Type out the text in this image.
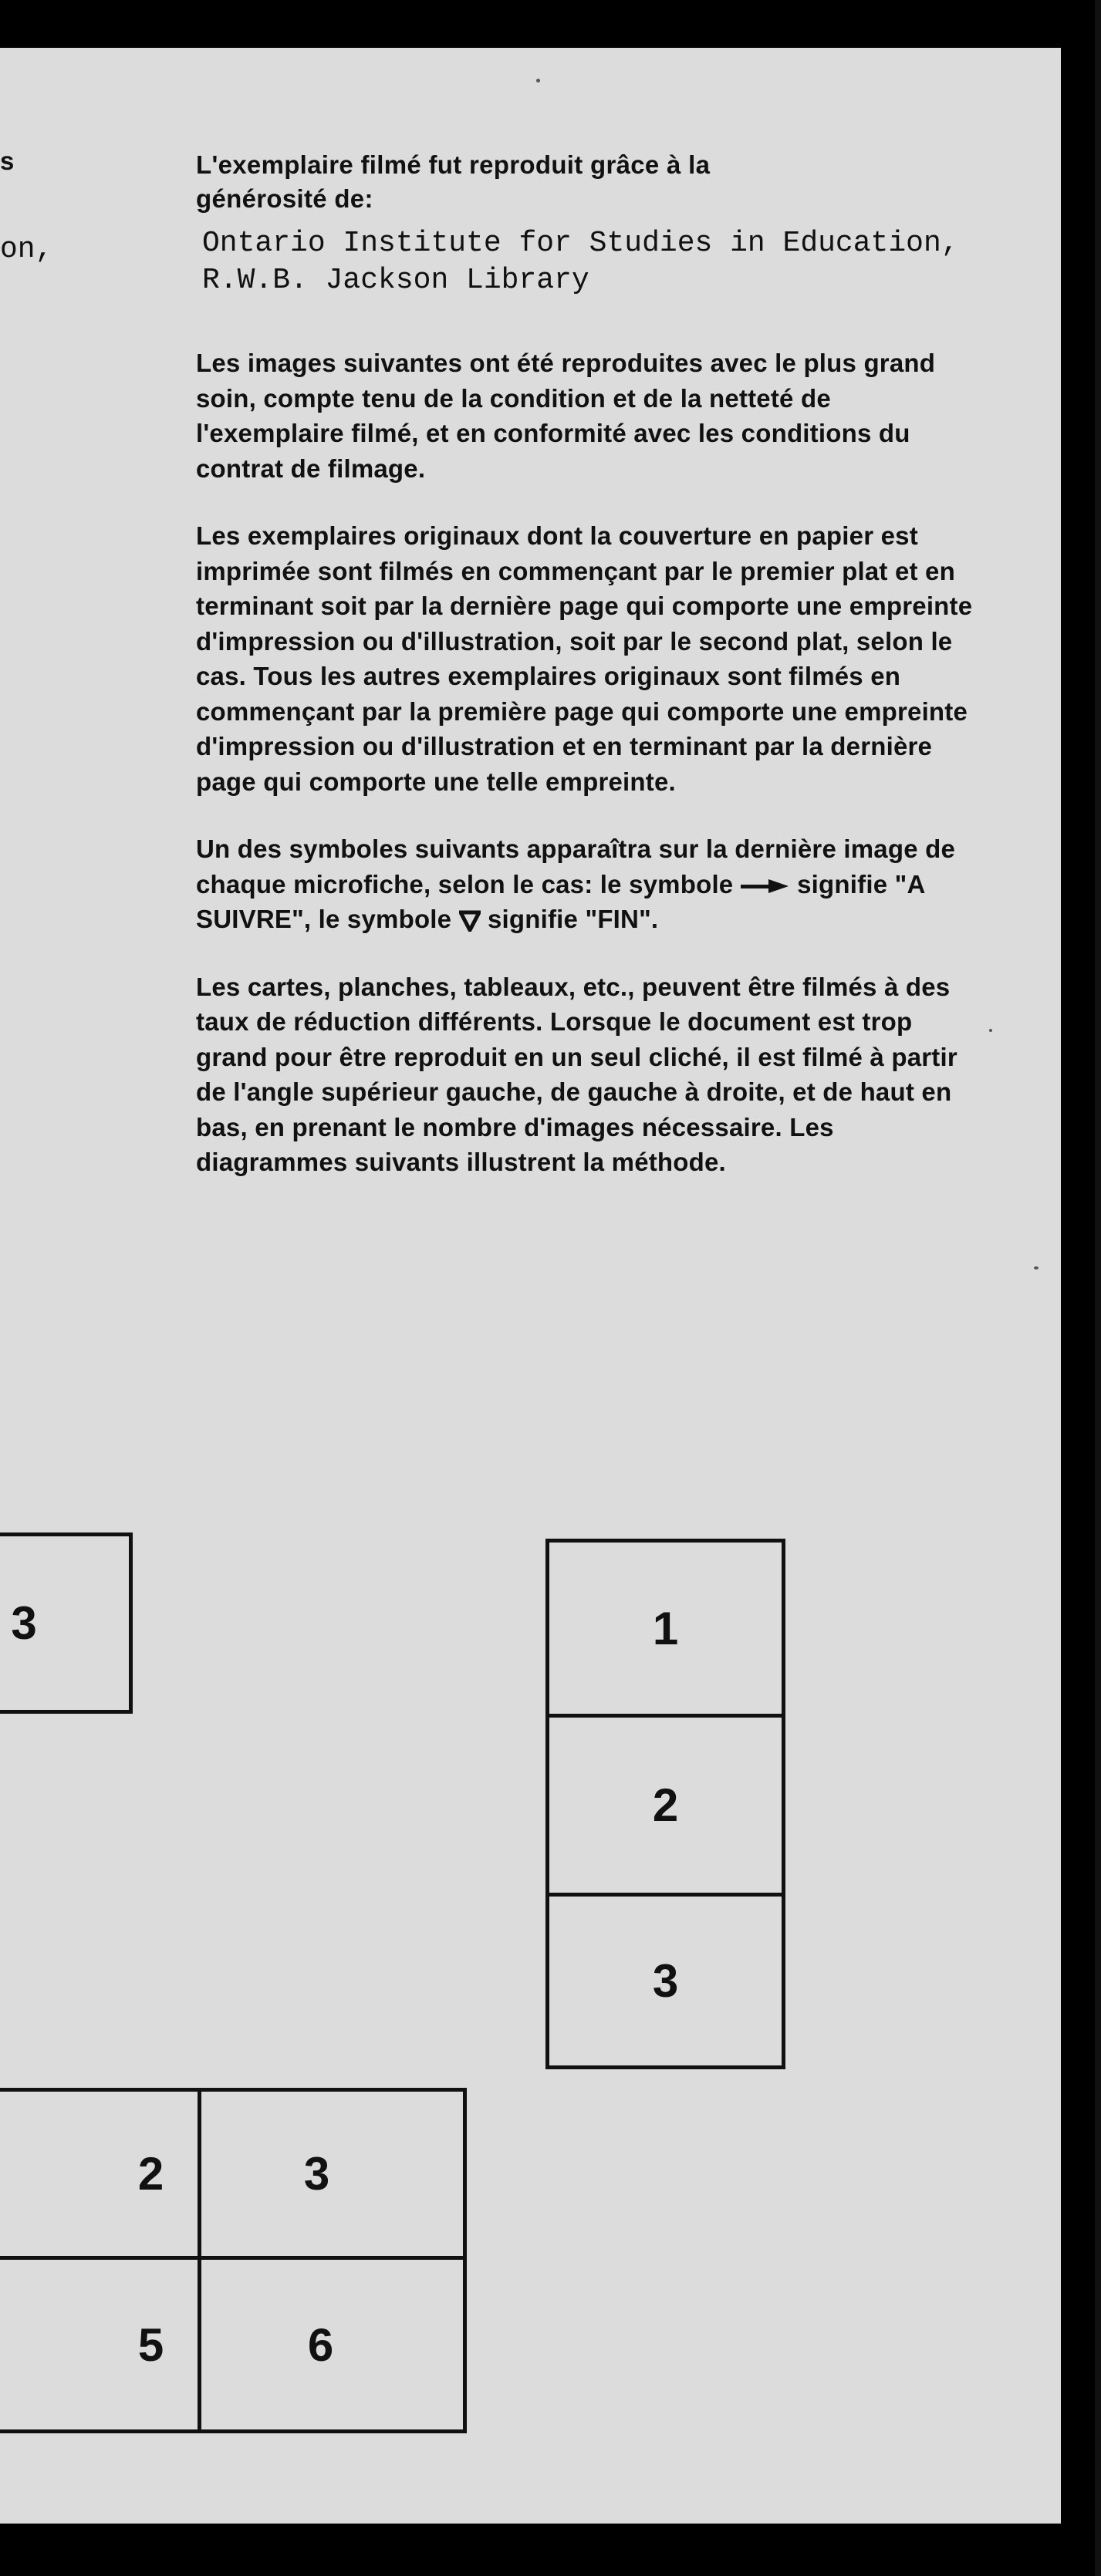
s
on,

L'exemplaire filmé fut reproduit grâce à la
générosité de:

Ontario Institute for Studies in Education,
R.W.B. Jackson Library

Les images suivantes ont été reproduites avec le plus grand soin, compte tenu de la condition et de la netteté de l'exemplaire filmé, et en conformité avec les conditions du contrat de filmage.

Les exemplaires originaux dont la couverture en papier est imprimée sont filmés en commençant par le premier plat et en terminant soit par la dernière page qui comporte une empreinte d'impression ou d'illustration, soit par le second plat, selon le cas. Tous les autres exemplaires originaux sont filmés en commençant par la première page qui comporte une empreinte d'impression ou d'illustration et en terminant par la dernière page qui comporte une telle empreinte.

Un des symboles suivants apparaîtra sur la dernière image de chaque microfiche, selon le cas: le symbole	signifie "A SUIVRE", le symbole signifie "FIN".

Les cartes, planches, tableaux, etc., peuvent être filmés à des taux de réduction différents. Lorsque le document est trop grand pour être reproduit en un seul cliché, il est filmé à partir de l'angle supérieur gauche, de gauche à droite, et de haut en bas, en prenant le nombre d'images nécessaire. Les diagrammes suivants illustrent la méthode.

3	1
2
3
2	3
5	6
